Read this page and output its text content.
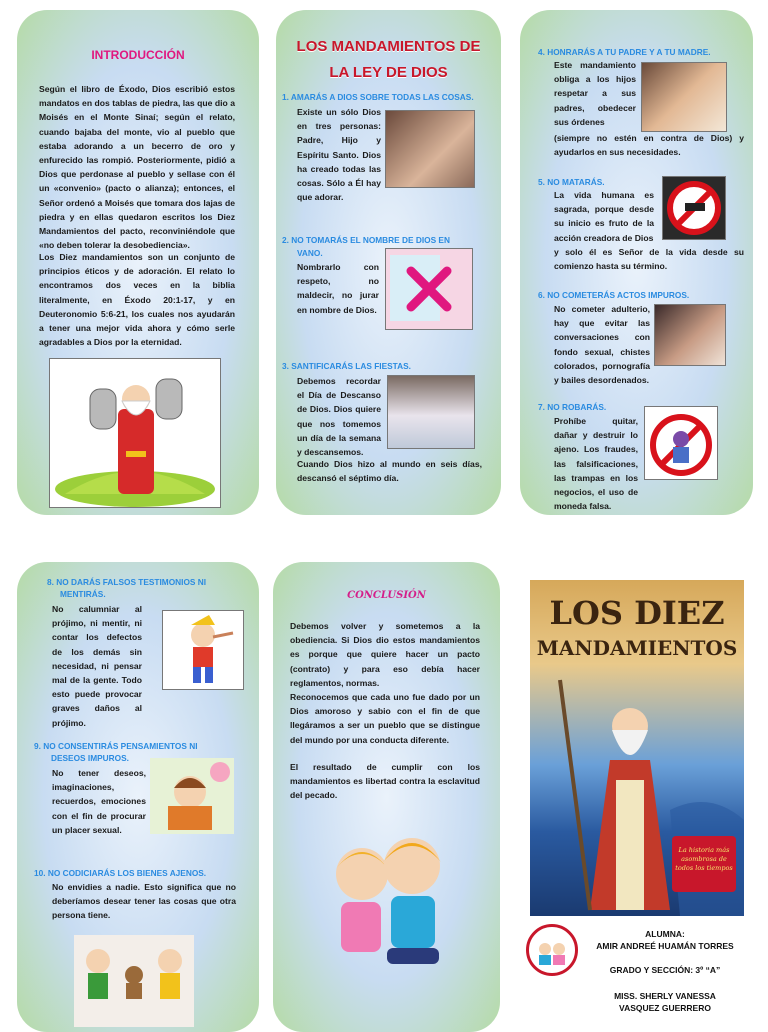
INTRODUCCIÓN
Según el libro de Éxodo, Dios escribió estos mandatos en dos tablas de piedra, las que dio a Moisés en el Monte Sinaí; según el relato, cuando bajaba del monte, vio al pueblo que estaba adorando a un becerro de oro y enfurecido las rompió. Posteriormente, pidió a Dios que perdonase al pueblo y sellase con él un «convenio» (pacto o alianza); entonces, el Señor ordenó a Moisés que tomara dos lajas de piedra y en ellas quedaron escritos los Diez Mandamientos del pacto, reconviniéndole que «no deben tolerar la desobediencia».
Los Diez mandamientos son un conjunto de principios éticos y de adoración. El relato lo encontramos dos veces en la biblia literalmente, en Éxodo 20:1-17, y en Deuteronomio 5:6-21, los cuales nos ayudarán a tener una mejor vida ahora y cómo serle agradables a Dios por la eternidad.
LOS MANDAMIENTOS DE
LA LEY DE DIOS
1. AMARÁS A DIOS SOBRE TODAS LAS COSAS.
Existe un sólo Dios en tres personas: Padre, Hijo y Espíritu Santo. Dios ha creado todas las cosas. Sólo a Él hay que adorar.
2. NO TOMARÁS EL NOMBRE DE DIOS EN
VANO.
Nombrarlo con respeto, no maldecir, no jurar en nombre de Dios.
3. SANTIFICARÁS LAS FIESTAS.
Debemos recordar el Día de Descanso de Dios. Dios quiere que nos tomemos un día de la semana y descansemos.
Cuando Dios hizo al mundo en seis días, descansó el séptimo día.
4. HONRARÁS A TU PADRE Y A TU MADRE.
Este mandamiento obliga a los hijos respetar a sus padres, obedecer sus órdenes
(siempre no estén en contra de Dios) y ayudarlos en sus necesidades.
5. NO MATARÁS.
La vida humana es sagrada, porque desde su inicio es fruto de la acción creadora de Dios
y solo él es Señor de la vida desde su comienzo hasta su término.
6. NO COMETERÁS ACTOS IMPUROS.
No cometer adulterio, hay que evitar las conversaciones con fondo sexual, chistes colorados, pornografía y bailes desordenados.
7. NO ROBARÁS.
Prohíbe quitar, dañar y destruir lo ajeno. Los fraudes, las falsificaciones, las trampas en los negocios, el uso de moneda falsa.
8. NO DARÁS FALSOS TESTIMONIOS NI
MENTIRÁS.
No calumniar al prójimo, ni mentir, ni contar los defectos de los demás sin necesidad, ni pensar mal de la gente. Todo esto puede provocar graves daños al prójimo.
9. NO CONSENTIRÁS PENSAMIENTOS NI
DESEOS IMPUROS.
No tener deseos, imaginaciones, recuerdos, emociones con el fin de procurar un placer sexual.
10. NO CODICIARÁS LOS BIENES AJENOS.
No envidies a nadie. Esto significa que no deberíamos desear tener las cosas que otra persona tiene.
CONCLUSIÓN
Debemos volver y sometemos a la obediencia. Si Dios dio estos mandamientos es porque que quiere hacer un pacto (contrato) y para eso debía hacer reglamentos, normas.
Reconocemos que cada uno fue dado por un Dios amoroso y sabio con el fin de que llegáramos a ser un pueblo que se distingue del mundo por una conducta diferente.
El resultado de cumplir con los mandamientos es libertad contra la esclavitud del pecado.
LOS DIEZ
MANDAMIENTOS
La historia más asombrosa de todos los tiempos
ALUMNA:
AMIR ANDREÉ HUAMÁN TORRES
GRADO Y SECCIÓN: 3º “A”
MISS. SHERLY VANESSA
VASQUEZ GUERRERO
